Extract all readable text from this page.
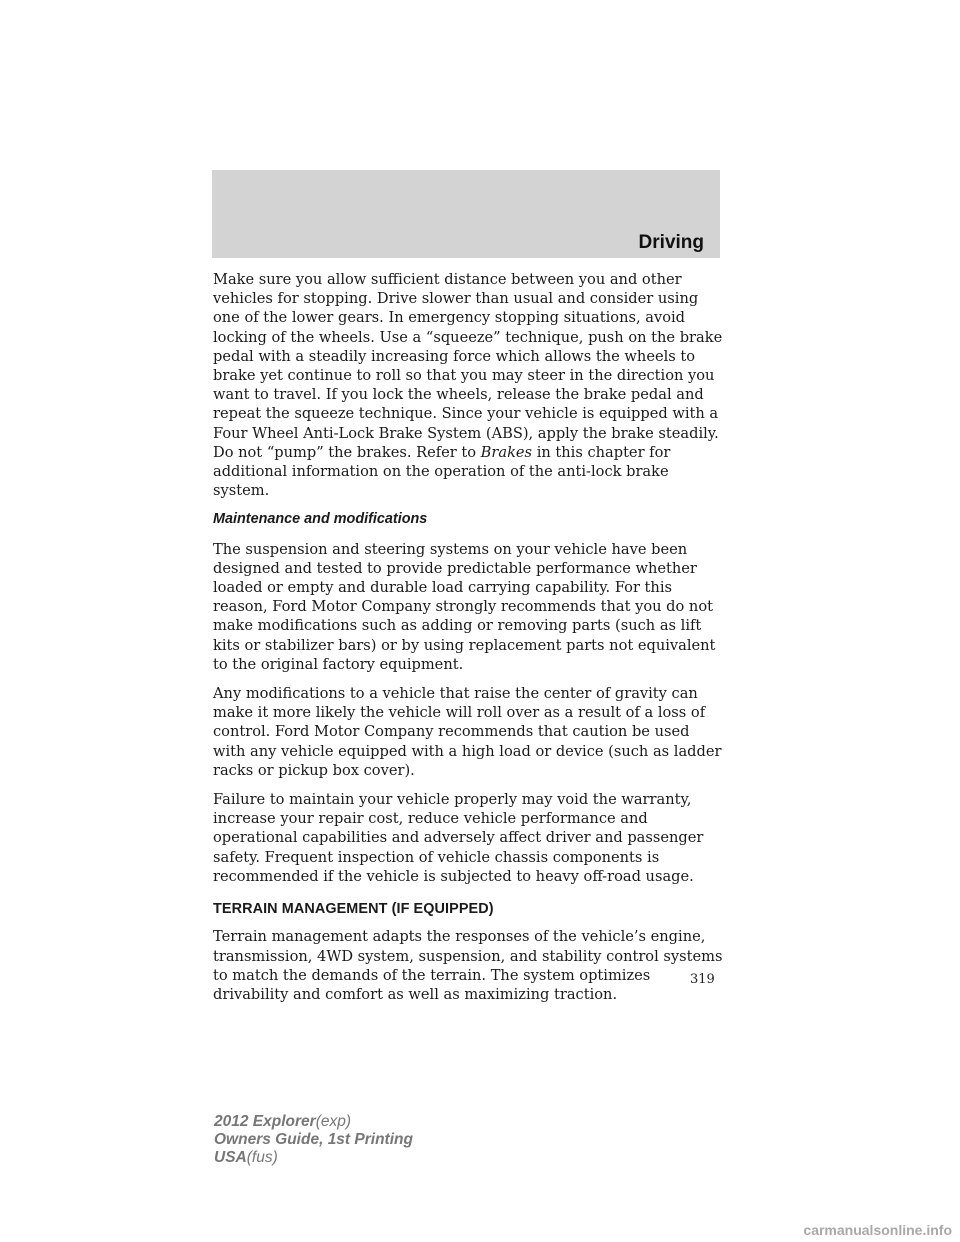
Driving

Make sure you allow sufficient distance between you and other vehicles for stopping. Drive slower than usual and consider using one of the lower gears. In emergency stopping situations, avoid locking of the wheels. Use a “squeeze” technique, push on the brake pedal with a steadily increasing force which allows the wheels to brake yet continue to roll so that you may steer in the direction you want to travel. If you lock the wheels, release the brake pedal and repeat the squeeze technique. Since your vehicle is equipped with a Four Wheel Anti-Lock Brake System (ABS), apply the brake steadily. Do not “pump” the brakes. Refer to Brakes in this chapter for additional information on the operation of the anti-lock brake system.

Maintenance and modifications

The suspension and steering systems on your vehicle have been designed and tested to provide predictable performance whether loaded or empty and durable load carrying capability. For this reason, Ford Motor Company strongly recommends that you do not make modifications such as adding or removing parts (such as lift kits or stabilizer bars) or by using replacement parts not equivalent to the original factory equipment.

Any modifications to a vehicle that raise the center of gravity can make it more likely the vehicle will roll over as a result of a loss of control. Ford Motor Company recommends that caution be used with any vehicle equipped with a high load or device (such as ladder racks or pickup box cover).

Failure to maintain your vehicle properly may void the warranty, increase your repair cost, reduce vehicle performance and operational capabilities and adversely affect driver and passenger safety. Frequent inspection of vehicle chassis components is recommended if the vehicle is subjected to heavy off-road usage.

TERRAIN MANAGEMENT (IF EQUIPPED)

Terrain management adapts the responses of the vehicle’s engine, transmission, 4WD system, suspension, and stability control systems to match the demands of the terrain. The system optimizes drivability and comfort as well as maximizing traction.

319
2012 Explorer(exp)
Owners Guide, 1st Printing
USA(fus)
carmanualsonline.info
